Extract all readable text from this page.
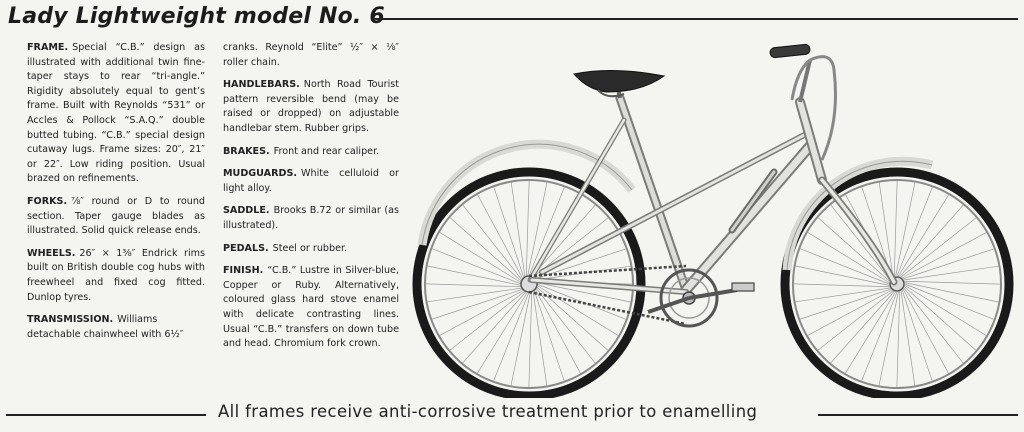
Lady Lightweight model No. 6
FRAME. Special “C.B.” design as illustrated with additional twin fine-taper stays to rear “tri-angle.” Rigidity absolutely equal to gent’s frame. Built with Reynolds “531” or Accles & Pollock “S.A.Q.” double butted tubing. “C.B.” special design cutaway lugs. Frame sizes: 20″, 21″ or 22″. Low riding position. Usual brazed on refinements.
FORKS. ⅞″ round or D to round section. Taper gauge blades as illustrated. Solid quick release ends.
WHEELS. 26″ × 1⅜″ Endrick rims built on British double cog hubs with freewheel and fixed cog fitted. Dunlop tyres.
TRANSMISSION. Williams detachable chainwheel with 6½″
cranks. Reynold “Elite” ½″ × ⅛″ roller chain.
HANDLEBARS. North Road Tourist pattern reversible bend (may be raised or dropped) on adjustable handlebar stem. Rubber grips.
BRAKES. Front and rear caliper.
MUDGUARDS. White celluloid or light alloy.
SADDLE. Brooks B.72 or similar (as illustrated).
PEDALS. Steel or rubber.
FINISH. “C.B.” Lustre in Silver-blue, Copper or Ruby. Alternatively, coloured glass hard stove enamel with delicate contrasting lines. Usual “C.B.” transfers on down tube and head. Chromium fork crown.
All frames receive anti-corrosive treatment prior to enamelling
